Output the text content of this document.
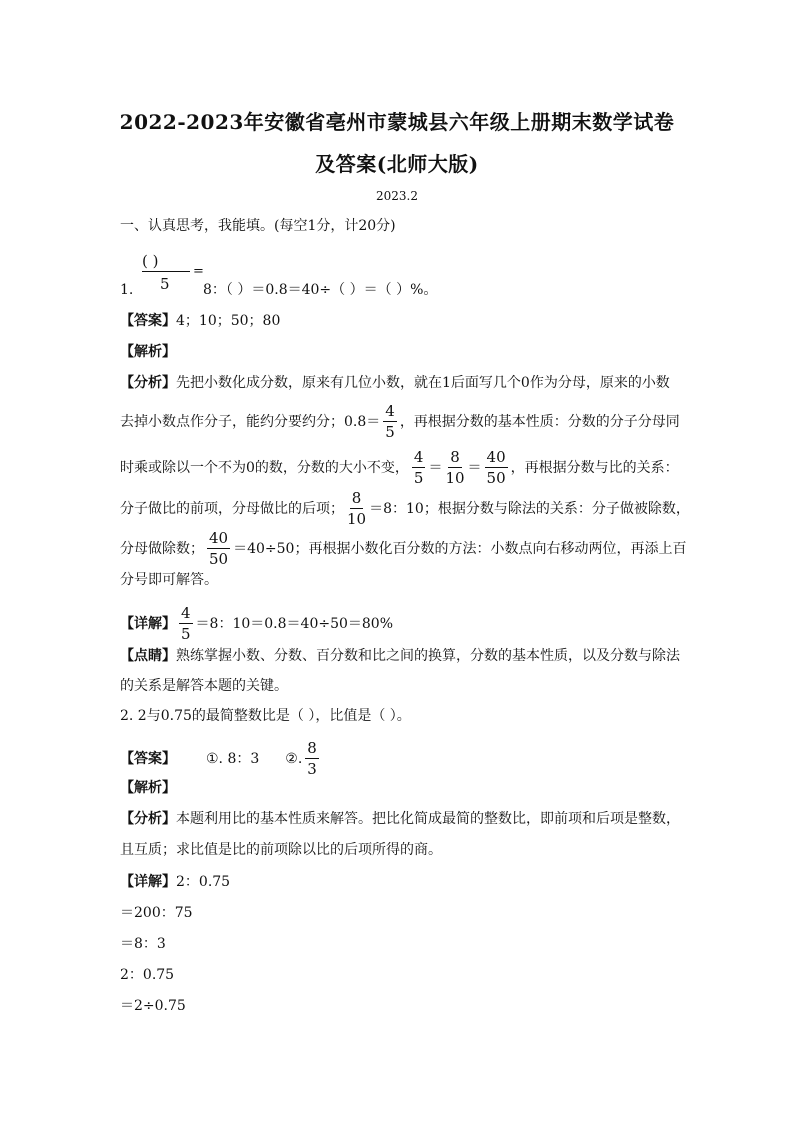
2022-2023年安徽省亳州市蒙城县六年级上册期末数学试卷
及答案(北师大版)
2023.2
一、认真思考，我能填。(每空1分，计20分)
( )
5
=
1.	8：（ ）＝0.8＝40÷（ ）＝（ ）%。
【答案】4；10；50；80
【解析】
【分析】先把小数化成分数，原来有几位小数，就在1后面写几个0作为分母，原来的小数
去掉小数点作分子，能约分要约分；$0.8= \frac{4}{5}$ ，再根据分数的基本性质：分数的分子分母同
时乘或除以一个不为0的数，分数的大小不变， $\frac{4}{5} = \frac{8}{10} = \frac{40}{50}$ ，再根据分数与比的关系：
分子做比的前项，分母做比的后项； $\frac{8}{10} =8$：10；根据分数与除法的关系：分子做被除数，
分母做除数； $\frac{40}{50} =40\div 50$；再根据小数化百分数的方法：小数点向右移动两位，再添上百
分号即可解答。
【详解】 $\frac{4}{5} =8$：10＝0.8＝40÷50＝80%
【点睛】熟练掌握小数、分数、百分数和比之间的换算，分数的基本性质，以及分数与除法
的关系是解答本题的关键。
2. 2与0.75的最简整数比是（ ），比值是（ ）。
【答案】 ①. 8：3 ②. $\frac{8}{3}$
【解析】
【分析】本题利用比的基本性质来解答。把比化简成最简的整数比，即前项和后项是整数，
且互质；求比值是比的前项除以比的后项所得的商。
【详解】2：0.75
＝200：75
＝8：3
2：0.75
＝2÷0.75
